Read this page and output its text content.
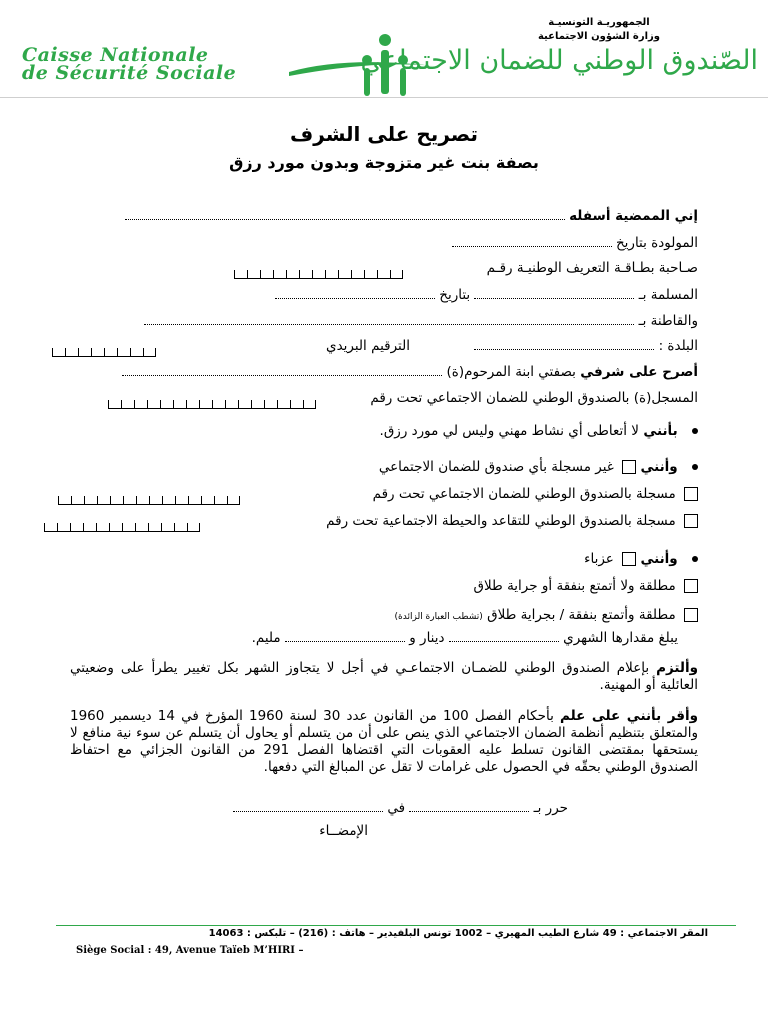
الجمهوريـة التونسيـة
وزارة الشؤون الاجتماعية
Caisse Nationale
de Sécurité Sociale	الصّندوق الوطني للضمان الاجتماعي
تصريح على الشرف
بصفة بنت غير متزوجة وبدون مورد رزق
إني الممضية أسفله
المولودة بتاريخ
صـاحبة بطـاقـة التعريف الوطنيـة رقـم
المسلمة بـ  بتاريخ
والقاطنة بـ
البلدة :  الترقيم البريدي
أصرح على شرفي بصفتي ابنة المرحوم(ة)
المسجل(ة) بالصندوق الوطني للضمان الاجتماعي تحت رقم
بأنني لا أتعاطى أي نشاط مهني وليس لي مورد رزق.
وأنني  غير مسجلة بأي صندوق للضمان الاجتماعي
مسجلة بالصندوق الوطني للضمان الاجتماعي تحت رقم
مسجلة بالصندوق الوطني للتقاعد والحيطة الاجتماعية تحت رقم
وأنني  عزباء
مطلقة ولا أتمتع بنفقة أو جراية طلاق
مطلقة وأتمتع بنفقة / بجراية طلاق (تشطب العبارة الزائدة)
يبلغ مقدارها الشهري  دينار و  مليم.
وألتزم بإعلام الصندوق الوطني للضمـان الاجتماعـي في أجل لا يتجاوز الشهر بكل تغيير يطرأ على وضعيتي العائلية أو المهنية.
وأقر بأنني على علم بأحكام الفصل 100 من القانون عدد 30 لسنة 1960 المؤرخ في 14 ديسمبر 1960 والمتعلق بتنظيم أنظمة الضمان الاجتماعي الذي ينص على أن من يتسلم أو يحاول أن يتسلم عن سوء نية منافع لا يستحقها بمقتضى القانون تسلط عليه العقوبات التي اقتضاها الفصل 291 من القانون الجزائي مع احتفاظ الصندوق الوطني بحقّه في الحصول على غرامات لا تقل عن المبالغ التي دفعها.
حرر بـ  في
الإمضــاء
المقر الاجتماعي : 49 شارع الطيب المهيري – 1002 تونس البلفيدير – هاتف : (216) – تلبكس : 14063
Siège Social : 49, Avenue Taïeb M’HIRI –
